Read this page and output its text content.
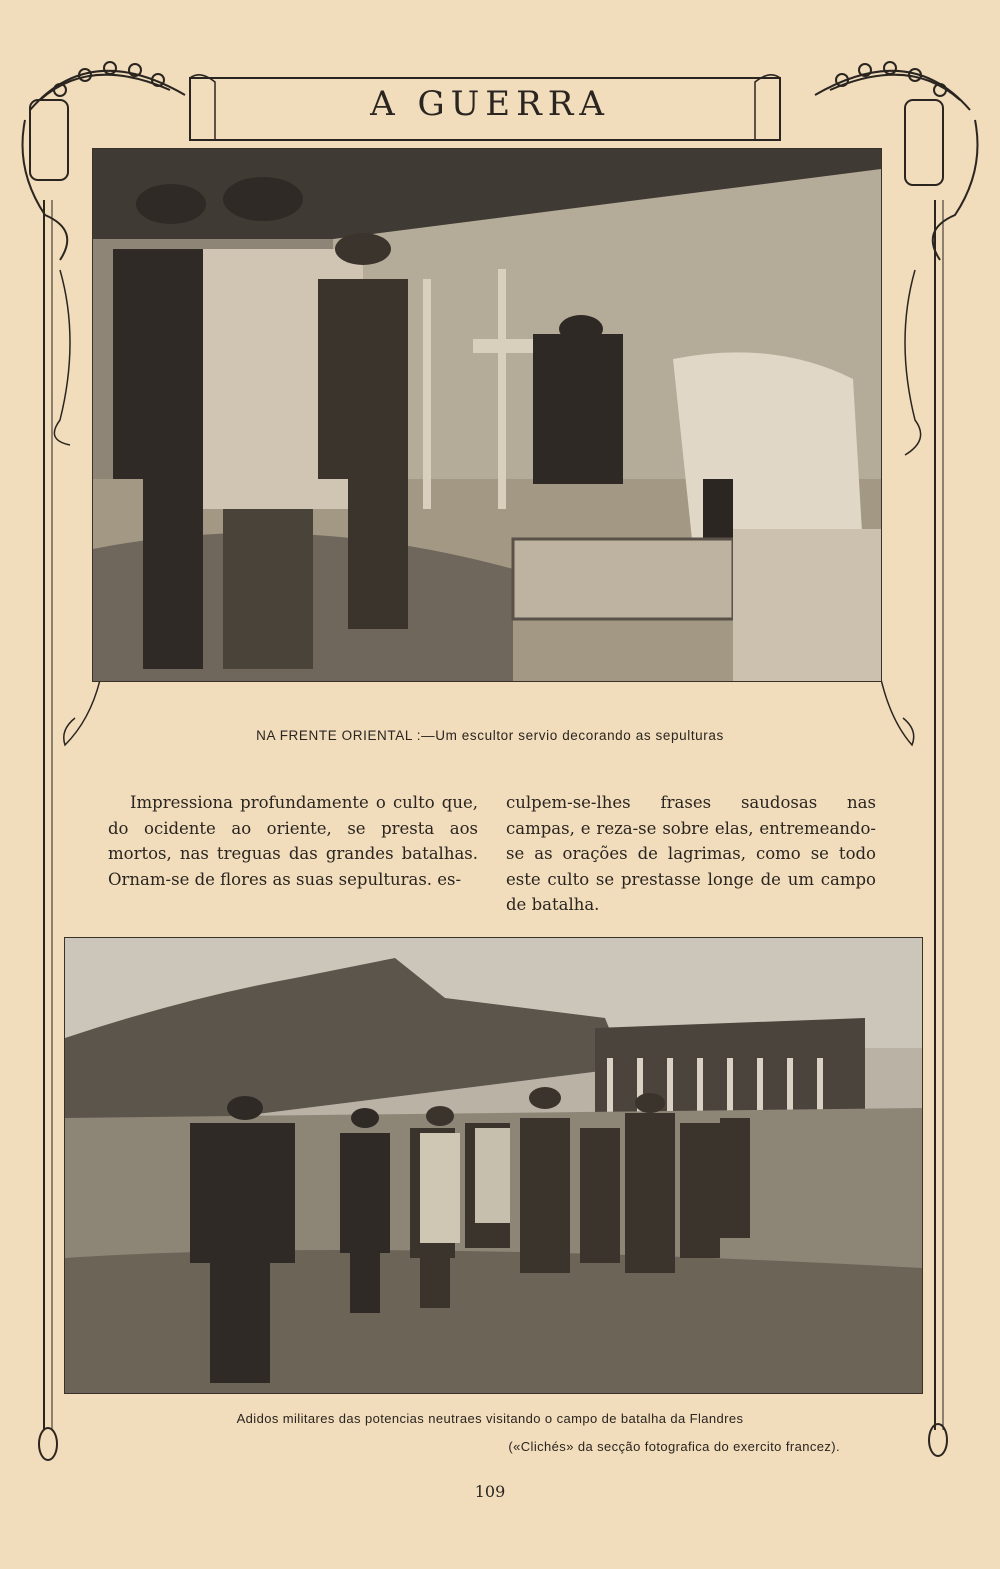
A GUERRA
NA FRENTE ORIENTAL :—Um escultor servio decorando as sepulturas
Impressiona profundamente o culto que, do ocidente ao oriente, se presta aos mortos, nas treguas das grandes batalhas. Ornam-se de flores as suas sepulturas. es-
culpem-se-lhes frases saudosas nas campas, e reza-se sobre elas, entremeando-se as orações de lagrimas, como se todo este culto se prestasse longe de um campo de batalha.
Adidos militares das potencias neutraes visitando o campo de batalha da Flandres
(«Clichés» da secção fotografica do exercito francez).
109
